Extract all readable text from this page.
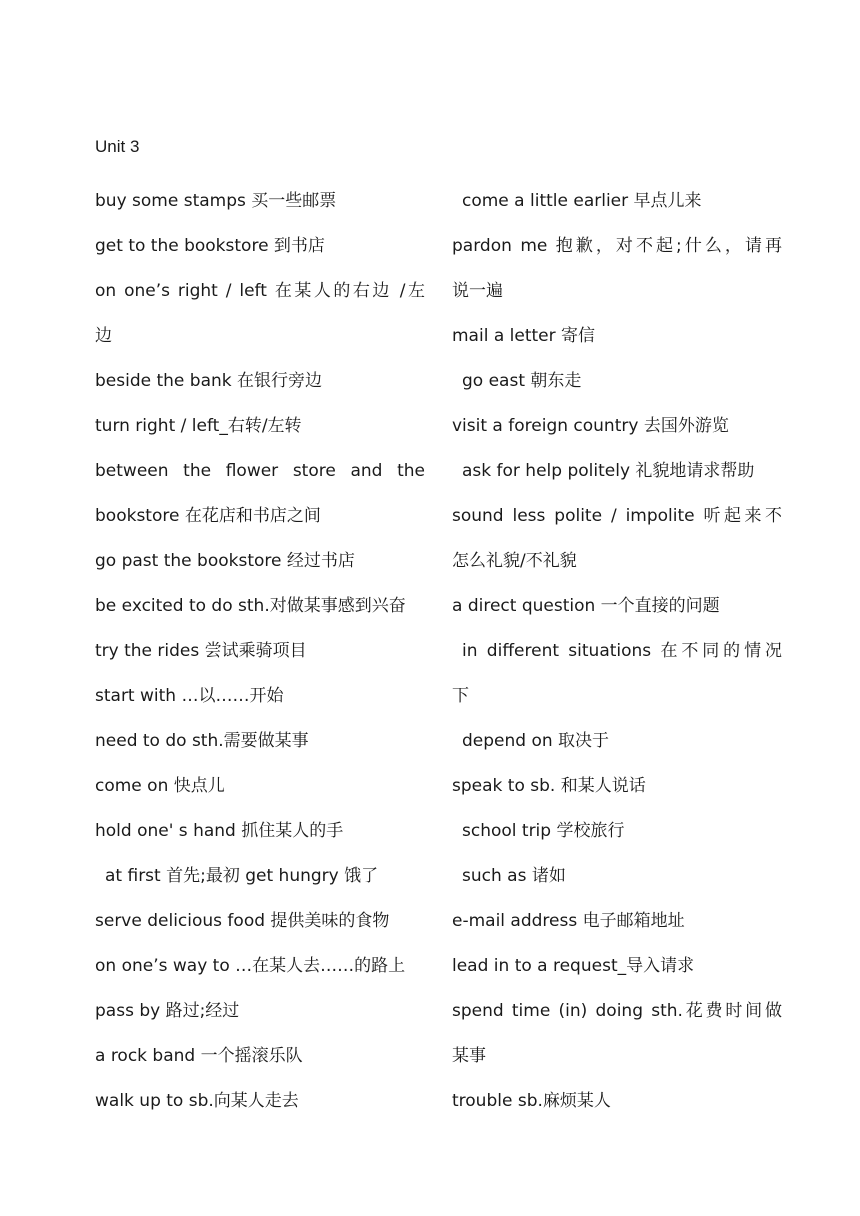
Unit 3
buy some stamps 买一些邮票
get to the bookstore 到书店
on one’s right / left 在某人的右边 /左
边
beside the bank 在银行旁边
turn right / left_右转/左转
between the flower store and the
bookstore 在花店和书店之间
go past the bookstore 经过书店
be excited to do sth.对做某事感到兴奋
try the rides 尝试乘骑项目
start with …以……开始
need to do sth.需要做某事
come on 快点儿
hold one' s hand 抓住某人的手
at first 首先;最初 get hungry 饿了
serve delicious food 提供美味的食物
on one’s way to …在某人去……的路上
pass by 路过;经过
a rock band 一个摇滚乐队
walk up to sb.向某人走去
come a little earlier 早点儿来
pardon me 抱歉，对不起;什么，请再
说一遍
mail a letter 寄信
go east 朝东走
visit a foreign country 去国外游览
ask for help politely 礼貌地请求帮助
sound less polite / impolite 听起来不
怎么礼貌/不礼貌
a direct question 一个直接的问题
in different situations 在不同的情况
下
depend on 取决于
speak to sb. 和某人说话
school trip 学校旅行
such as 诸如
e-mail address 电子邮箱地址
lead in to a request_导入请求
spend time (in) doing sth.花费时间做
某事
trouble sb.麻烦某人
